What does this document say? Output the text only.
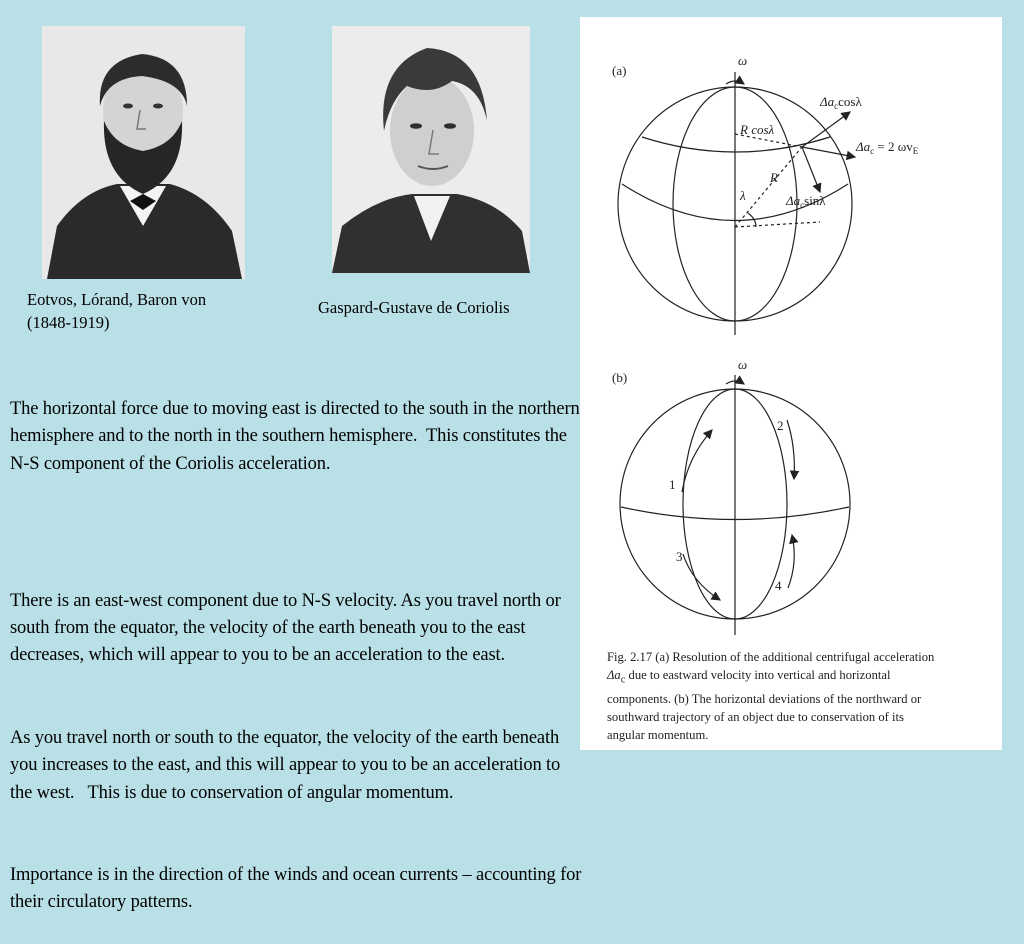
Eotvos, Lórand, Baron von
(1848-1919)
Gaspard-Gustave de Coriolis

The horizontal force due to moving east is directed to the south in the northern hemisphere and to the north in the southern hemisphere.  This constitutes the N-S component of the Coriolis acceleration.

There is an east-west component due to N-S velocity. As you travel north or south from the equator, the velocity of the earth beneath you to the east decreases, which will appear to you to be an acceleration to the east.

As you travel north or south to the equator, the velocity of the earth beneath you increases to the east, and this will appear to you to be an acceleration to the west.   This is due to conservation of angular momentum.

Importance is in the direction of the winds and ocean currents – accounting for their circulatory patterns.

(a)
ω
R cosλ
R
λ
$\Delta a_c\cos\lambda$
$\Delta a_c = 2$ $\omega v_E$
$\Delta a_c\sin\lambda$
(b)
ω
1
2
3
4
Fig. 2.17 (a) Resolution of the additional centrifugal acceleration
$\Delta a_c$ due to eastward velocity into vertical and horizontal
components. (b) The horizontal deviations of the northward or
southward trajectory of an object due to conservation of its
angular momentum.
